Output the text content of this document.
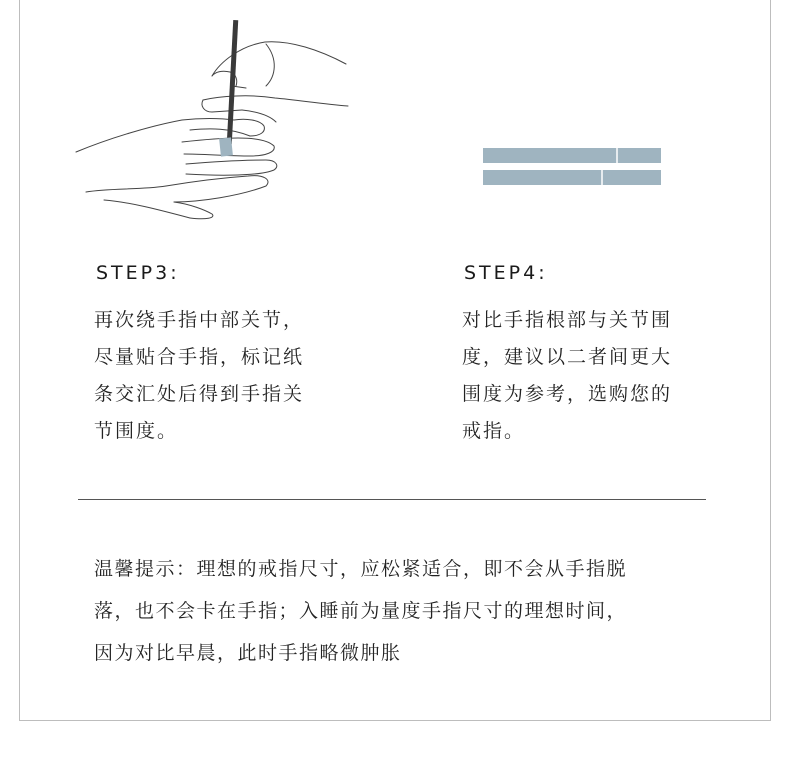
STEP3:
再次绕手指中部关节，
尽量贴合手指，标记纸
条交汇处后得到手指关
节围度。
STEP4:
对比手指根部与关节围
度，建议以二者间更大
围度为参考，选购您的
戒指。
温馨提示：理想的戒指尺寸，应松紧适合，即不会从手指脱
落，也不会卡在手指；入睡前为量度手指尺寸的理想时间，
因为对比早晨，此时手指略微肿胀
